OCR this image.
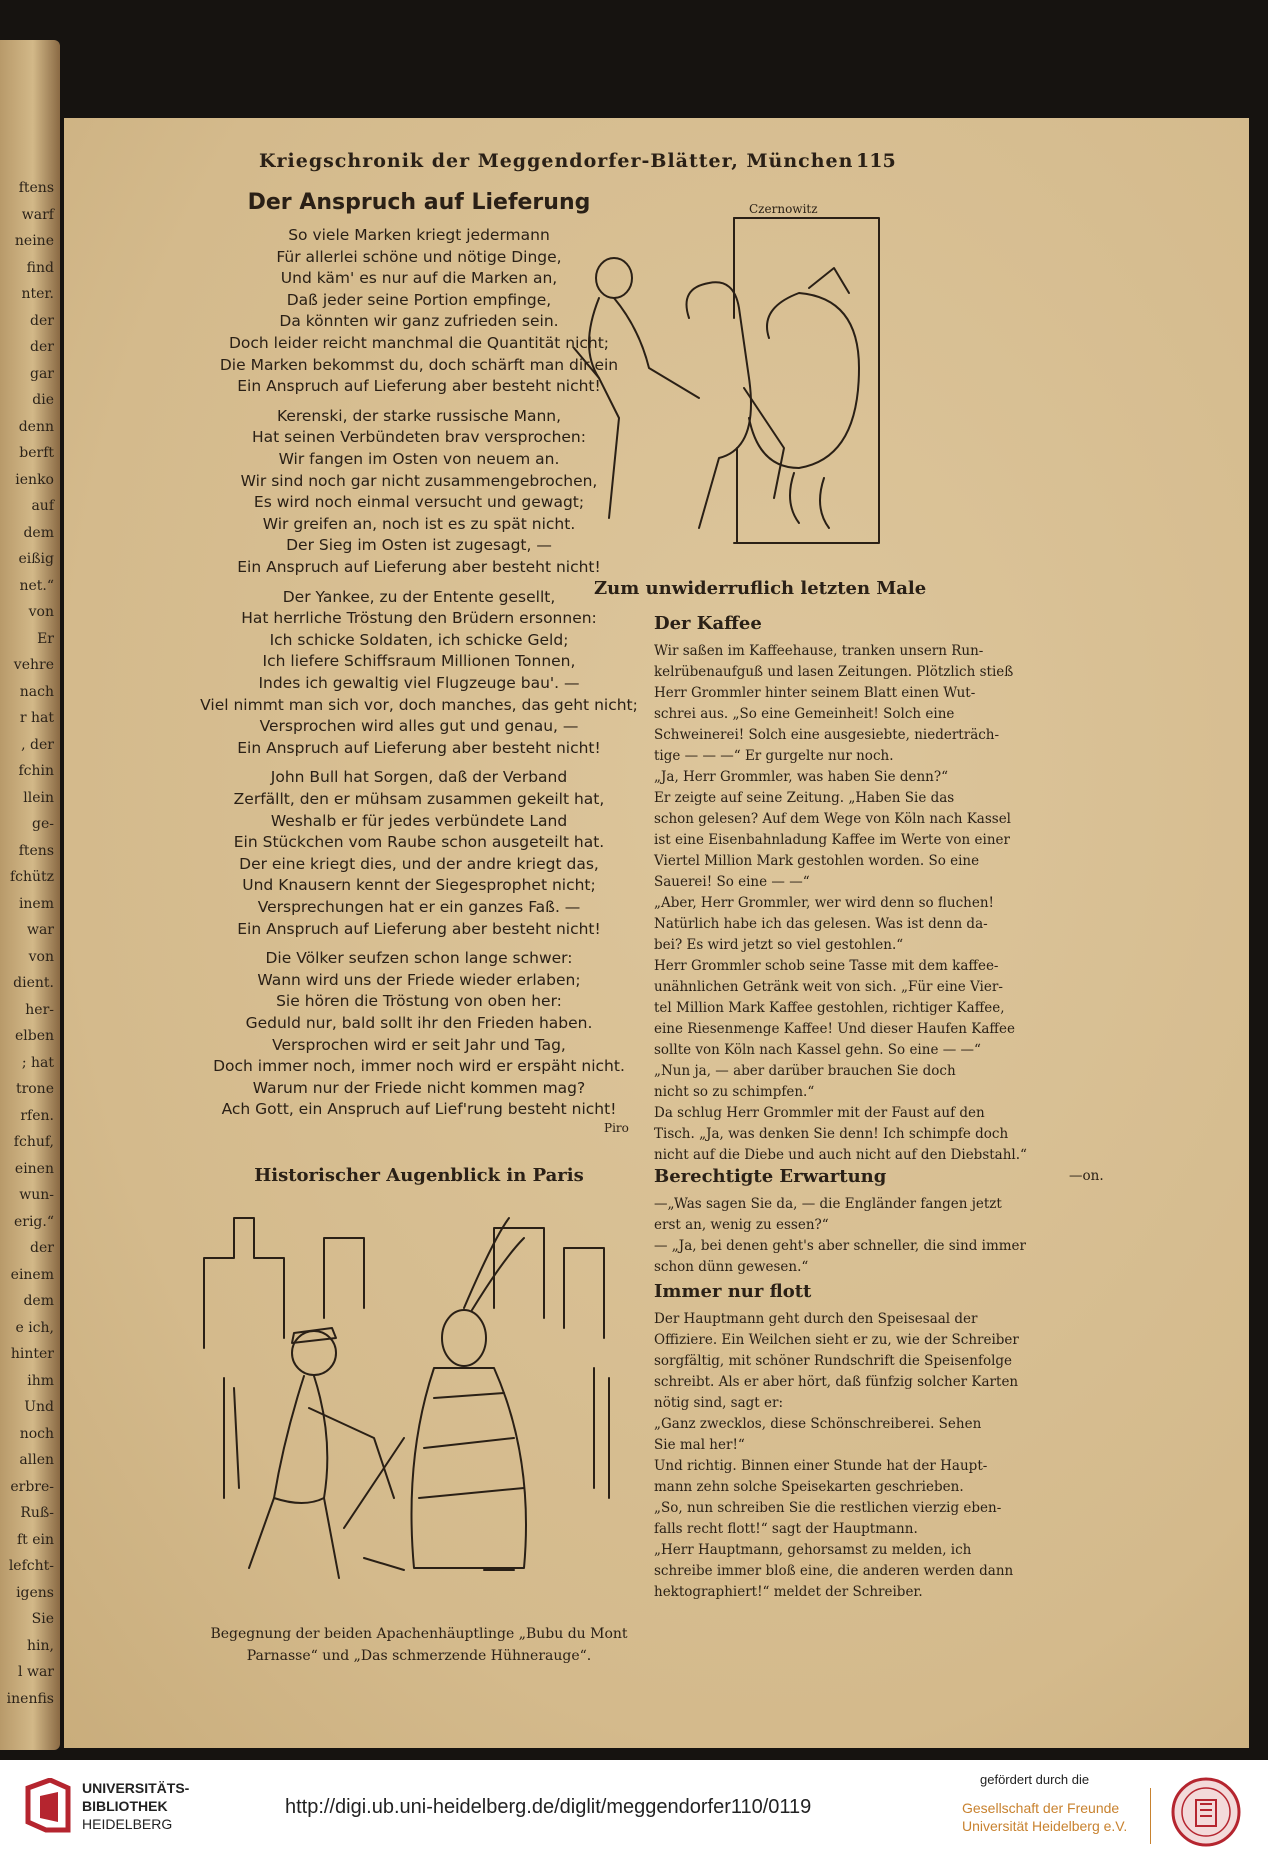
ftens
warf
neine
find
nter.
der
der
gar
die
denn
berft
ienko
auf
dem
eißig
net.“
von
Er
vehre
nach
r hat
, der
fchin
llein
ge-
ftens
fchütz
inem
war
von
dient.
her-
elben
; hat
trone
rfen.
fchuf,
einen
wun-
erig.“
der
einem
dem
e ich,
hinter
ihm
Und
noch
allen
erbre-
Ruß-
ft ein
lefcht-
igens
Sie
hin,
l war
inenfis
Kriegschronik der Meggendorfer-Blätter, München 115
Der Anspruch auf Lieferung
So viele Marken kriegt jedermann
Für allerlei schöne und nötige Dinge,
Und käm' es nur auf die Marken an,
Daß jeder seine Portion empfinge,
Da könnten wir ganz zufrieden sein.
Doch leider reicht manchmal die Quantität nicht;
Die Marken bekommst du, doch schärft man dir ein
Ein Anspruch auf Lieferung aber besteht nicht!
Kerenski, der starke russische Mann,
Hat seinen Verbündeten brav versprochen:
Wir fangen im Osten von neuem an.
Wir sind noch gar nicht zusammengebrochen,
Es wird noch einmal versucht und gewagt;
Wir greifen an, noch ist es zu spät nicht.
Der Sieg im Osten ist zugesagt, —
Ein Anspruch auf Lieferung aber besteht nicht!
Der Yankee, zu der Entente gesellt,
Hat herrliche Tröstung den Brüdern ersonnen:
Ich schicke Soldaten, ich schicke Geld;
Ich liefere Schiffsraum Millionen Tonnen,
Indes ich gewaltig viel Flugzeuge bau'. —
Viel nimmt man sich vor, doch manches, das geht nicht;
Versprochen wird alles gut und genau, —
Ein Anspruch auf Lieferung aber besteht nicht!
John Bull hat Sorgen, daß der Verband
Zerfällt, den er mühsam zusammen gekeilt hat,
Weshalb er für jedes verbündete Land
Ein Stückchen vom Raube schon ausgeteilt hat.
Der eine kriegt dies, und der andre kriegt das,
Und Knausern kennt der Siegesprophet nicht;
Versprechungen hat er ein ganzes Faß. —
Ein Anspruch auf Lieferung aber besteht nicht!
Die Völker seufzen schon lange schwer:
Wann wird uns der Friede wieder erlaben;
Sie hören die Tröstung von oben her:
Geduld nur, bald sollt ihr den Frieden haben.
Versprochen wird er seit Jahr und Tag,
Doch immer noch, immer noch wird er erspäht nicht.
Warum nur der Friede nicht kommen mag?
Ach Gott, ein Anspruch auf Lief'rung besteht nicht!
Piro
Historischer Augenblick in Paris
Begegnung der beiden Apachenhäuptlinge „Bubu du Mont
Parnasse“ und „Das schmerzende Hühnerauge“.
Czernowitz
Zum unwiderruflich letzten Male
Der Kaffee
Wir saßen im Kaffeehause, tranken unsern Run-
kelrübenaufguß und lasen Zeitungen. Plötzlich stieß
Herr Grommler hinter seinem Blatt einen Wut-
schrei aus. „So eine Gemeinheit! Solch eine
Schweinerei! Solch eine ausgesiebte, niederträch-
tige — — —“ Er gurgelte nur noch.
„Ja, Herr Grommler, was haben Sie denn?“
Er zeigte auf seine Zeitung. „Haben Sie das
schon gelesen? Auf dem Wege von Köln nach Kassel
ist eine Eisenbahnladung Kaffee im Werte von einer
Viertel Million Mark gestohlen worden. So eine
Sauerei! So eine — —“
„Aber, Herr Grommler, wer wird denn so fluchen!
Natürlich habe ich das gelesen. Was ist denn da-
bei? Es wird jetzt so viel gestohlen.“
Herr Grommler schob seine Tasse mit dem kaffee-
unähnlichen Getränk weit von sich. „Für eine Vier-
tel Million Mark Kaffee gestohlen, richtiger Kaffee,
eine Riesenmenge Kaffee! Und dieser Haufen Kaffee
sollte von Köln nach Kassel gehn. So eine — —“
„Nun ja, — aber darüber brauchen Sie doch
nicht so zu schimpfen.“
Da schlug Herr Grommler mit der Faust auf den
Tisch. „Ja, was denken Sie denn! Ich schimpfe doch
nicht auf die Diebe und auch nicht auf den Diebstahl.“
—on.
Berechtigte Erwartung
—„Was sagen Sie da, — die Engländer fangen jetzt
erst an, wenig zu essen?“
— „Ja, bei denen geht's aber schneller, die sind immer
schon dünn gewesen.“
Immer nur flott
Der Hauptmann geht durch den Speisesaal der
Offiziere. Ein Weilchen sieht er zu, wie der Schreiber
sorgfältig, mit schöner Rundschrift die Speisenfolge
schreibt. Als er aber hört, daß fünfzig solcher Karten
nötig sind, sagt er:
„Ganz zwecklos, diese Schönschreiberei. Sehen
Sie mal her!“
Und richtig. Binnen einer Stunde hat der Haupt-
mann zehn solche Speisekarten geschrieben.
„So, nun schreiben Sie die restlichen vierzig eben-
falls recht flott!“ sagt der Hauptmann.
„Herr Hauptmann, gehorsamst zu melden, ich
schreibe immer bloß eine, die anderen werden dann
hektographiert!“ meldet der Schreiber.
UNIVERSITÄTS-
BIBLIOTHEK
HEIDELBERG
http://digi.ub.uni-heidelberg.de/diglit/meggendorfer110/0119
gefördert durch die
Gesellschaft der Freunde
Universität Heidelberg e.V.
